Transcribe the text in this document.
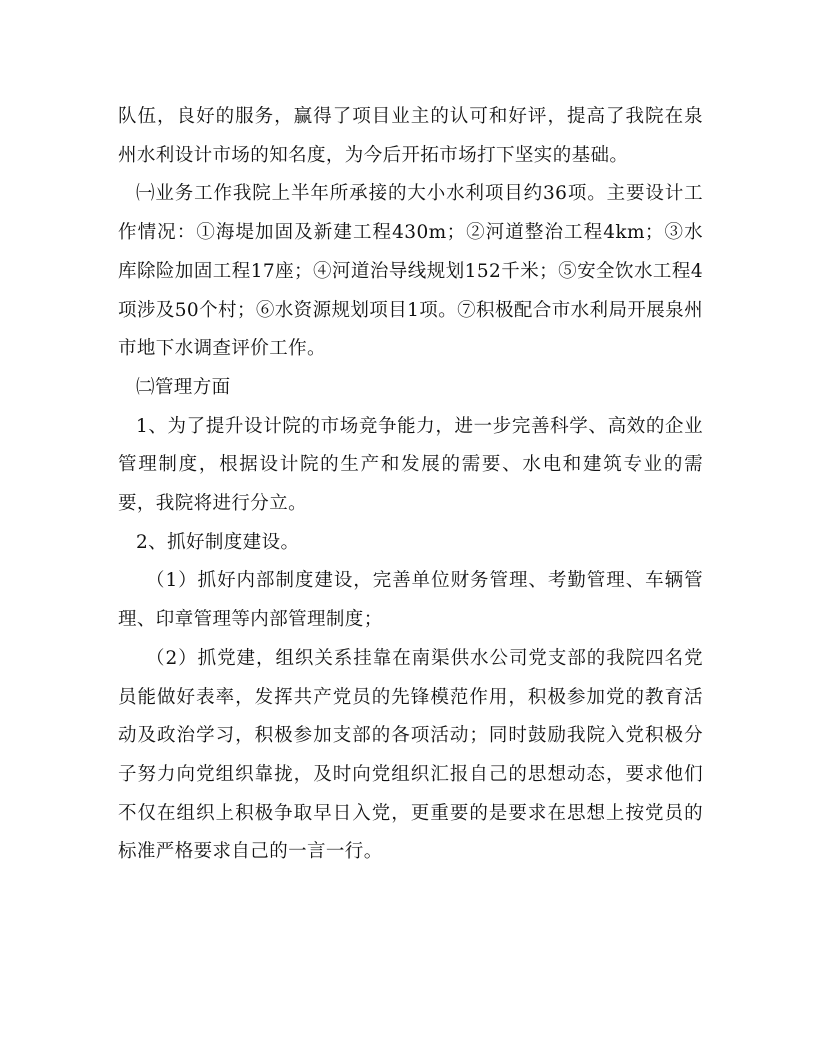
队伍，良好的服务，赢得了项目业主的认可和好评，提高了我院在泉州水利设计市场的知名度，为今后开拓市场打下坚实的基础。

㈠业务工作我院上半年所承接的大小水利项目约36项。主要设计工作情况：①海堤加固及新建工程430m；②河道整治工程4km；③水库除险加固工程17座；④河道治导线规划152千米；⑤安全饮水工程4项涉及50个村；⑥水资源规划项目1项。⑦积极配合市水利局开展泉州市地下水调查评价工作。

㈡管理方面

1、为了提升设计院的市场竞争能力，进一步完善科学、高效的企业管理制度，根据设计院的生产和发展的需要、水电和建筑专业的需要，我院将进行分立。

2、抓好制度建设。

（1）抓好内部制度建设，完善单位财务管理、考勤管理、车辆管理、印章管理等内部管理制度；

（2）抓党建，组织关系挂靠在南渠供水公司党支部的我院四名党员能做好表率，发挥共产党员的先锋模范作用，积极参加党的教育活动及政治学习，积极参加支部的各项活动；同时鼓励我院入党积极分子努力向党组织靠拢，及时向党组织汇报自己的思想动态，要求他们不仅在组织上积极争取早日入党，更重要的是要求在思想上按党员的标准严格要求自己的一言一行。
